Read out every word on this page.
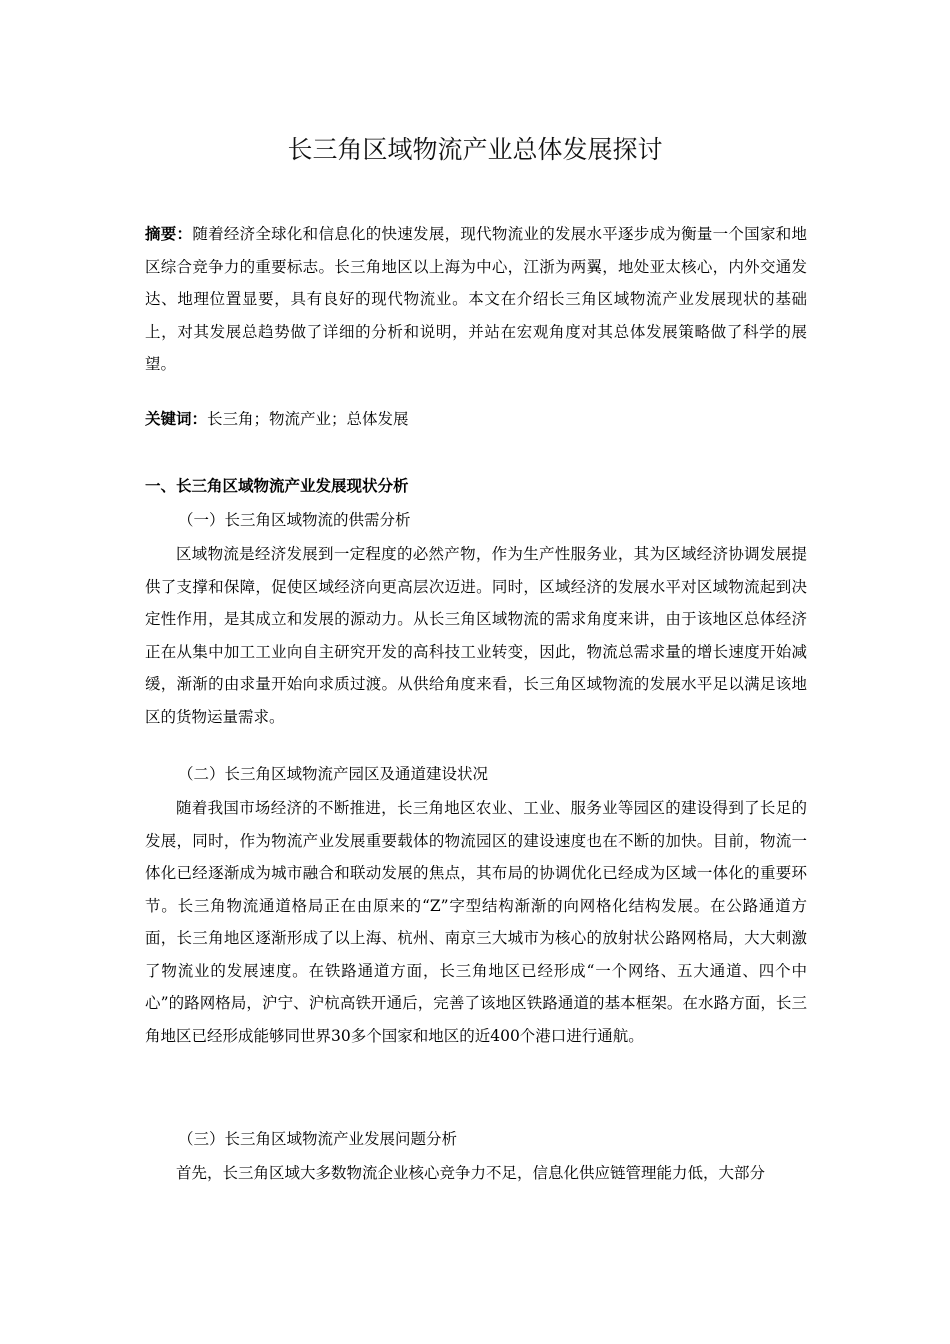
长三角区域物流产业总体发展探讨
摘要：随着经济全球化和信息化的快速发展，现代物流业的发展水平逐步成为衡量一个国家和地区综合竞争力的重要标志。长三角地区以上海为中心，江浙为两翼，地处亚太核心，内外交通发达、地理位置显要，具有良好的现代物流业。本文在介绍长三角区域物流产业发展现状的基础上，对其发展总趋势做了详细的分析和说明，并站在宏观角度对其总体发展策略做了科学的展望。
关键词：长三角；物流产业；总体发展
一、长三角区域物流产业发展现状分析
（一）长三角区域物流的供需分析
区域物流是经济发展到一定程度的必然产物，作为生产性服务业，其为区域经济协调发展提供了支撑和保障，促使区域经济向更高层次迈进。同时，区域经济的发展水平对区域物流起到决定性作用，是其成立和发展的源动力。从长三角区域物流的需求角度来讲，由于该地区总体经济正在从集中加工工业向自主研究开发的高科技工业转变，因此，物流总需求量的增长速度开始减缓，渐渐的由求量开始向求质过渡。从供给角度来看，长三角区域物流的发展水平足以满足该地区的货物运量需求。
（二）长三角区域物流产园区及通道建设状况
随着我国市场经济的不断推进，长三角地区农业、工业、服务业等园区的建设得到了长足的发展，同时，作为物流产业发展重要载体的物流园区的建设速度也在不断的加快。目前，物流一体化已经逐渐成为城市融合和联动发展的焦点，其布局的协调优化已经成为区域一体化的重要环节。长三角物流通道格局正在由原来的“Z”字型结构渐渐的向网格化结构发展。在公路通道方面，长三角地区逐渐形成了以上海、杭州、南京三大城市为核心的放射状公路网格局，大大刺激了物流业的发展速度。在铁路通道方面，长三角地区已经形成“一个网络、五大通道、四个中心”的路网格局，沪宁、沪杭高铁开通后，完善了该地区铁路通道的基本框架。在水路方面，长三角地区已经形成能够同世界30多个国家和地区的近400个港口进行通航。
（三）长三角区域物流产业发展问题分析
首先，长三角区域大多数物流企业核心竞争力不足，信息化供应链管理能力低，大部分
